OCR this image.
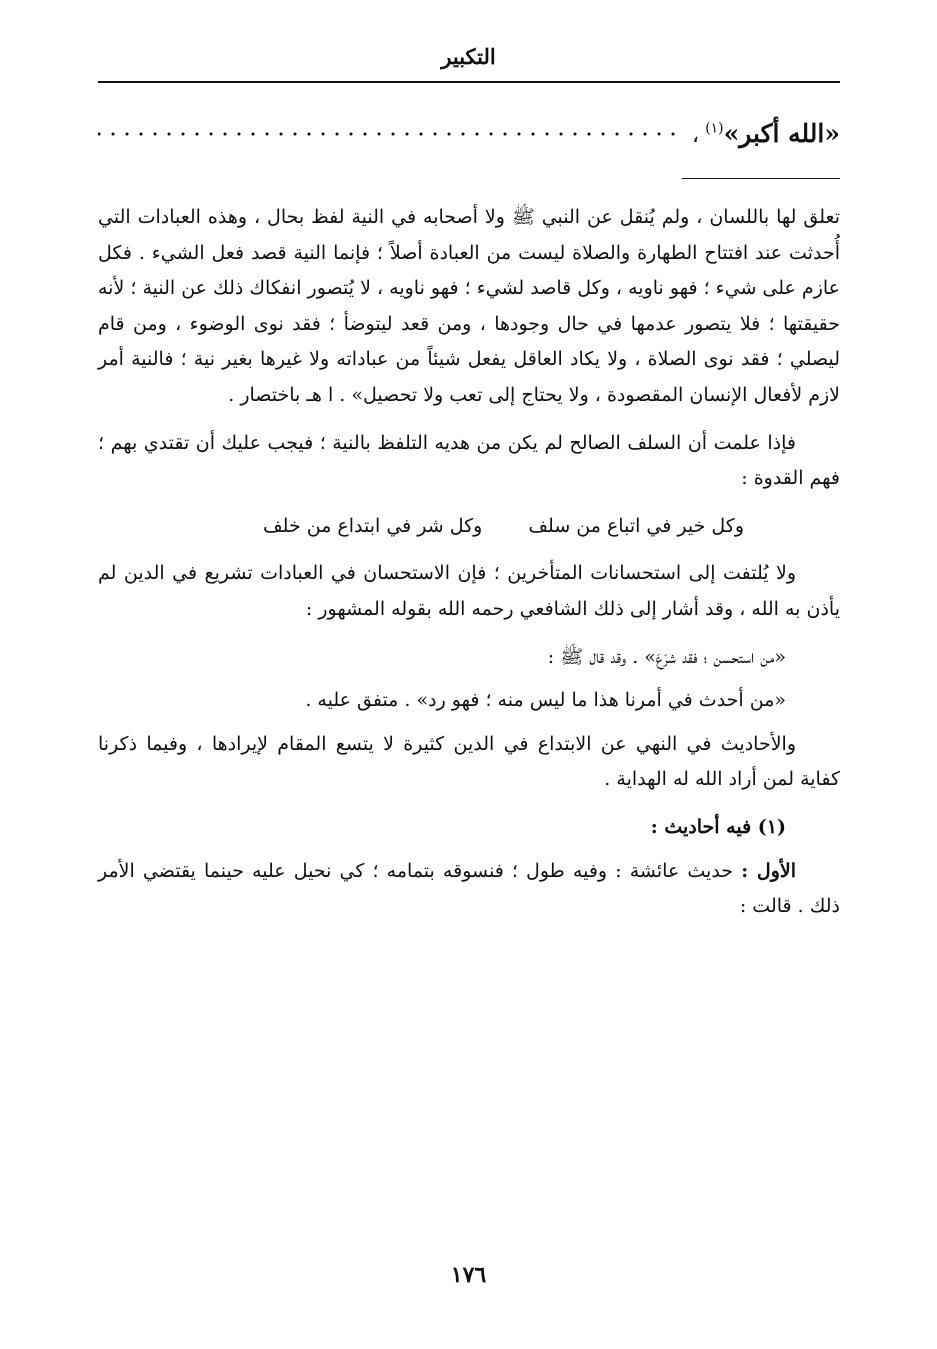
التكبير
«الله أكبر»$^{(١)}$
،

تعلق لها باللسان ، ولم يُنقل عن النبي ﷺ ولا أصحابه في النية لفظ بحال ، وهذه العبادات التي أُحدثت عند افتتاح الطهارة والصلاة ليست من العبادة أصلاً ؛ فإنما النية قصد فعل الشيء . فكل عازم على شيء ؛ فهو ناويه ، وكل قاصد لشيء ؛ فهو ناويه ، لا يُتصور انفكاك ذلك عن النية ؛ لأنه حقيقتها ؛ فلا يتصور عدمها في حال وجودها ، ومن قعد ليتوضأ ؛ فقد نوى الوضوء ، ومن قام ليصلي ؛ فقد نوى الصلاة ، ولا يكاد العاقل يفعل شيئاً من عباداته ولا غيرها بغير نية ؛ فالنية أمر لازم لأفعال الإنسان المقصودة ، ولا يحتاج إلى تعب ولا تحصيل» . ا هـ باختصار .

فإذا علمت أن السلف الصالح لم يكن من هديه التلفظ بالنية ؛ فيجب عليك أن تقتدي بهم ؛ فهم القدوة :

وكل خير في اتباع من سلف
وكل شر في ابتداع من خلف

ولا يُلتفت إلى استحسانات المتأخرين ؛ فإن الاستحسان في العبادات تشريع في الدين لم يأذن به الله ، وقد أشار إلى ذلك الشافعي رحمه الله بقوله المشهور :

«من استحسن ؛ فقد شرَعَ» . وقد قال ﷺ :

«من أحدث في أمرنا هذا ما ليس منه ؛ فهو رد» . متفق عليه .

والأحاديث في النهي عن الابتداع في الدين كثيرة لا يتسع المقام لإيرادها ، وفيما ذكرنا كفاية لمن أراد الله له الهداية .

(١) فيه أحاديث :

الأول : حديث عائشة : وفيه طول ؛ فنسوقه بتمامه ؛ كي نحيل عليه حينما يقتضي الأمر ذلك . قالت :

١٧٦
